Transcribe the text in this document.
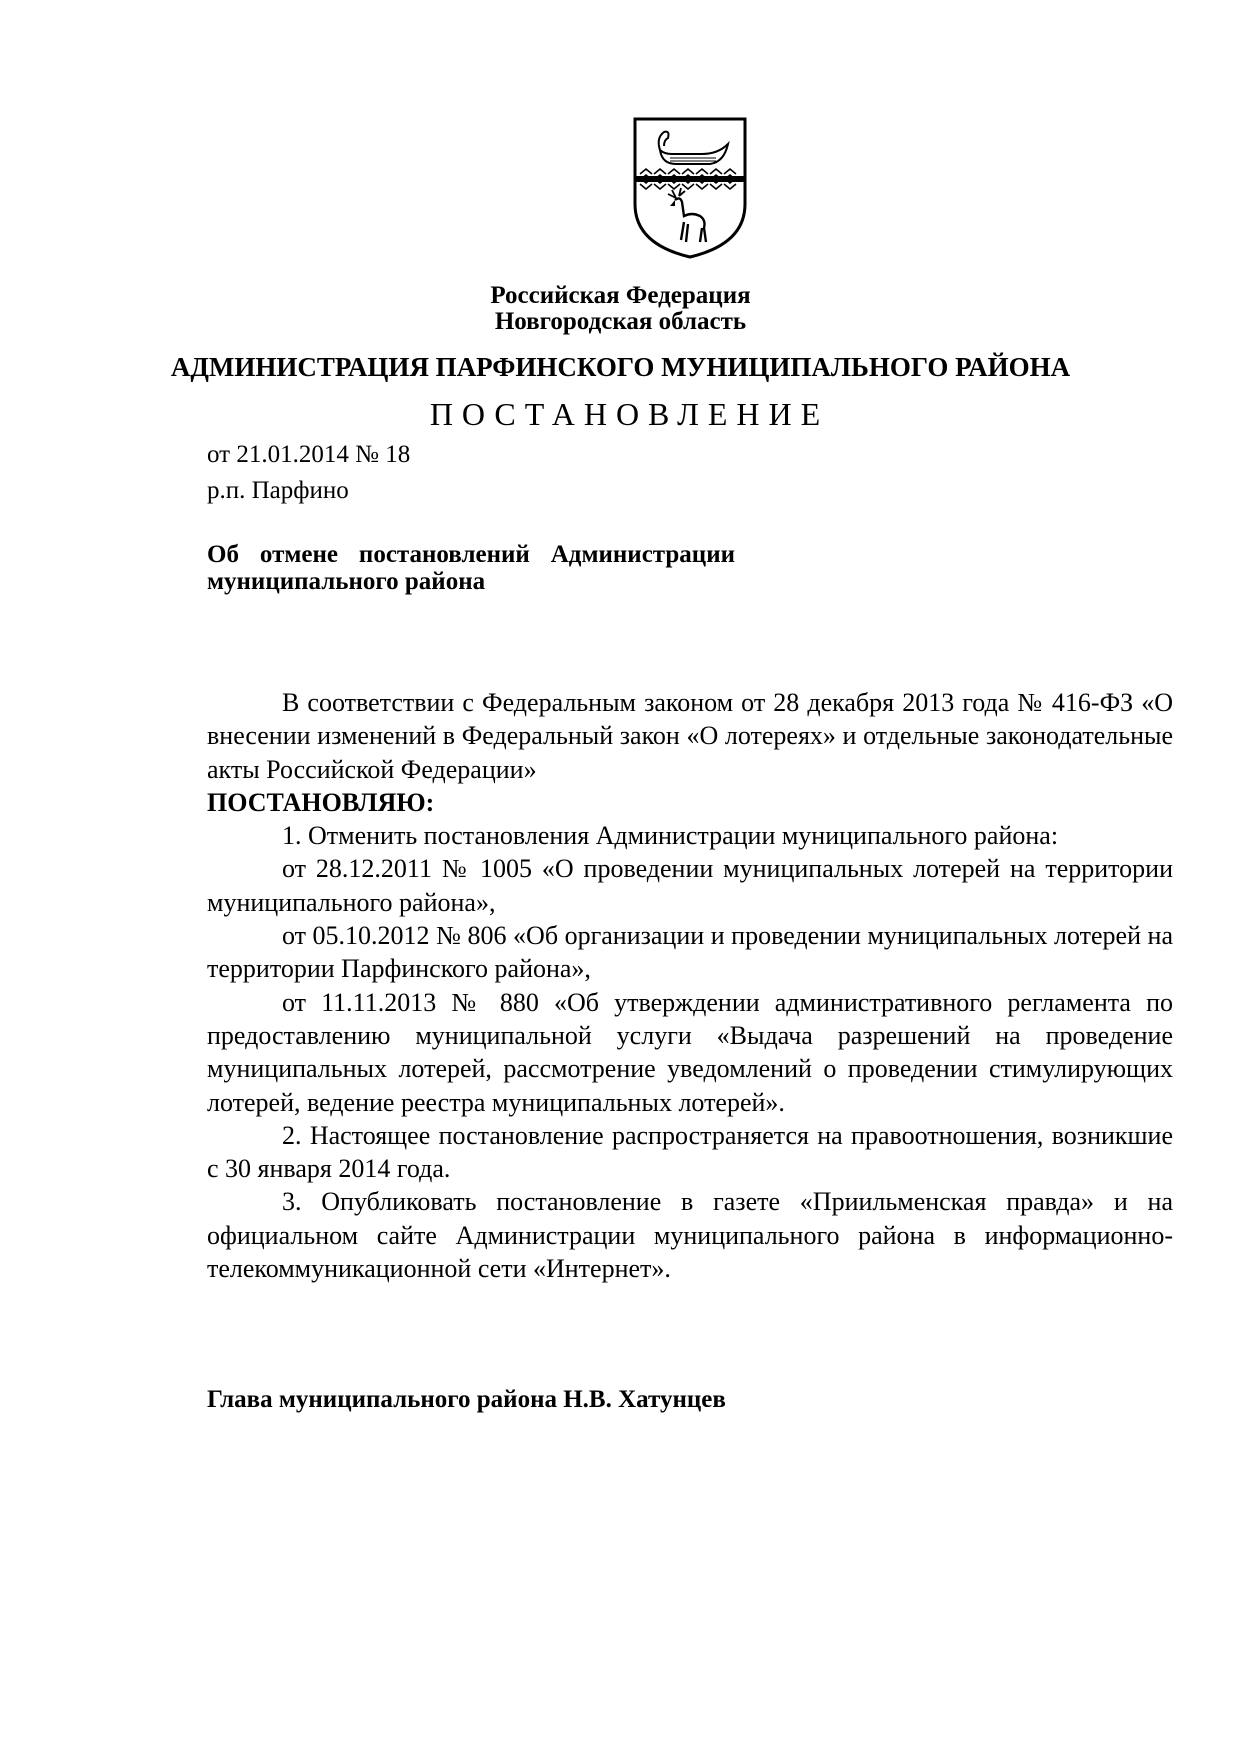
Российская Федерация
Новгородская область
АДМИНИСТРАЦИЯ ПАРФИНСКОГО МУНИЦИПАЛЬНОГО РАЙОНА
ПОСТАНОВЛЕНИЕ
от 21.01.2014 № 18
р.п. Парфино
Об отмене постановлений Администрации муниципального района

В соответствии с Федеральным законом от 28 декабря 2013 года № 416-ФЗ «О внесении изменений в Федеральный закон «О лотереях» и отдельные законодательные акты Российской Федерации»

ПОСТАНОВЛЯЮ:

1. Отменить постановления Администрации муниципального района:

от 28.12.2011 № 1005 «О проведении муниципальных лотерей на территории муниципального района»,

от 05.10.2012 № 806 «Об организации и проведении муниципальных лотерей на территории Парфинского района»,

от 11.11.2013 № 880 «Об утверждении административного регламента по предоставлению муниципальной услуги «Выдача разрешений на проведение муниципальных лотерей, рассмотрение уведомлений о проведении стимулирующих лотерей, ведение реестра муниципальных лотерей».

2. Настоящее постановление распространяется на правоотношения, возникшие с 30 января 2014 года.

3. Опубликовать постановление в газете «Приильменская правда» и на официальном сайте Администрации муниципального района в информационно-телекоммуникационной сети «Интернет».

Глава муниципального района Н.В. Хатунцев
